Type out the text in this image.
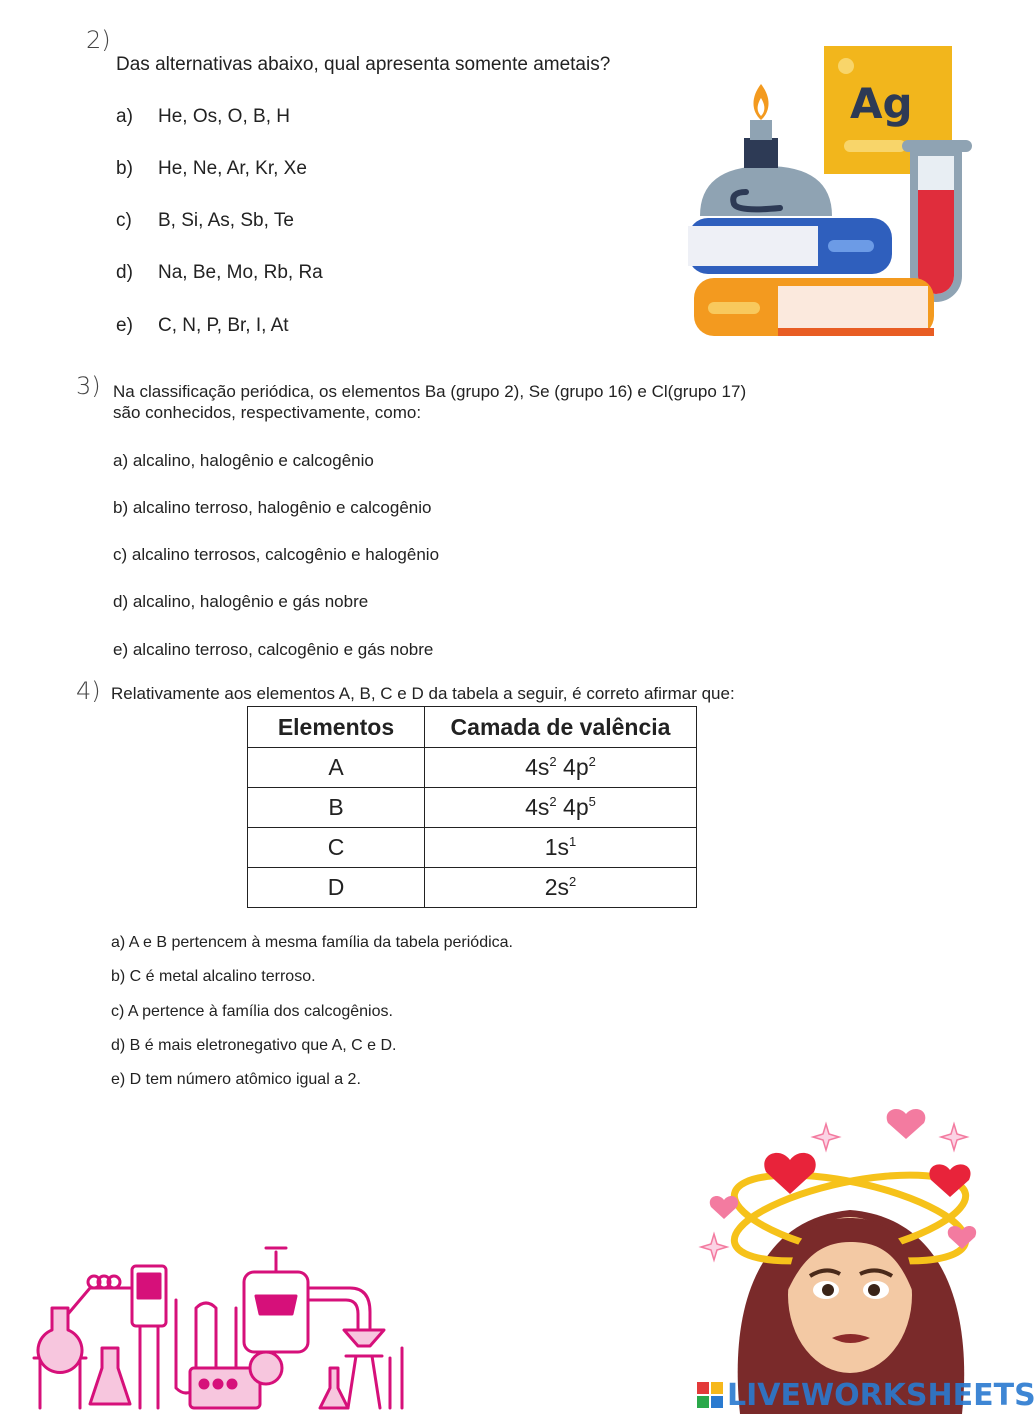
2)
Das alternativas abaixo, qual apresenta somente ametais?
a) He, Os, O, B, H
b) He, Ne, Ar, Kr, Xe
c) B, Si, As, Sb, Te
d) Na, Be, Mo, Rb, Ra
e) C, N, P, Br, I, At
Ag
3) Na classificação periódica, os elementos Ba (grupo 2), Se (grupo 16) e Cl(grupo 17)
são conhecidos, respectivamente, como:
a) alcalino, halogênio e calcogênio
b) alcalino terroso, halogênio e calcogênio
c) alcalino terrosos, calcogênio e halogênio
d) alcalino, halogênio e gás nobre
e) alcalino terroso, calcogênio e gás nobre
4) Relativamente aos elementos A, B, C e D da tabela a seguir, é correto afirmar que:
Elementos	Camada de valência
A	$4s^2$ $4p^2$
B	$4s^2$ $4p^5$
C	$1s^1$
D	$2s^2$
a) A e B pertencem à mesma família da tabela periódica.
b) C é metal alcalino terroso.
c) A pertence à família dos calcogênios.
d) B é mais eletronegativo que A, C e D.
e) D tem número atômico igual a 2.
LIVEWORKSHEETS
